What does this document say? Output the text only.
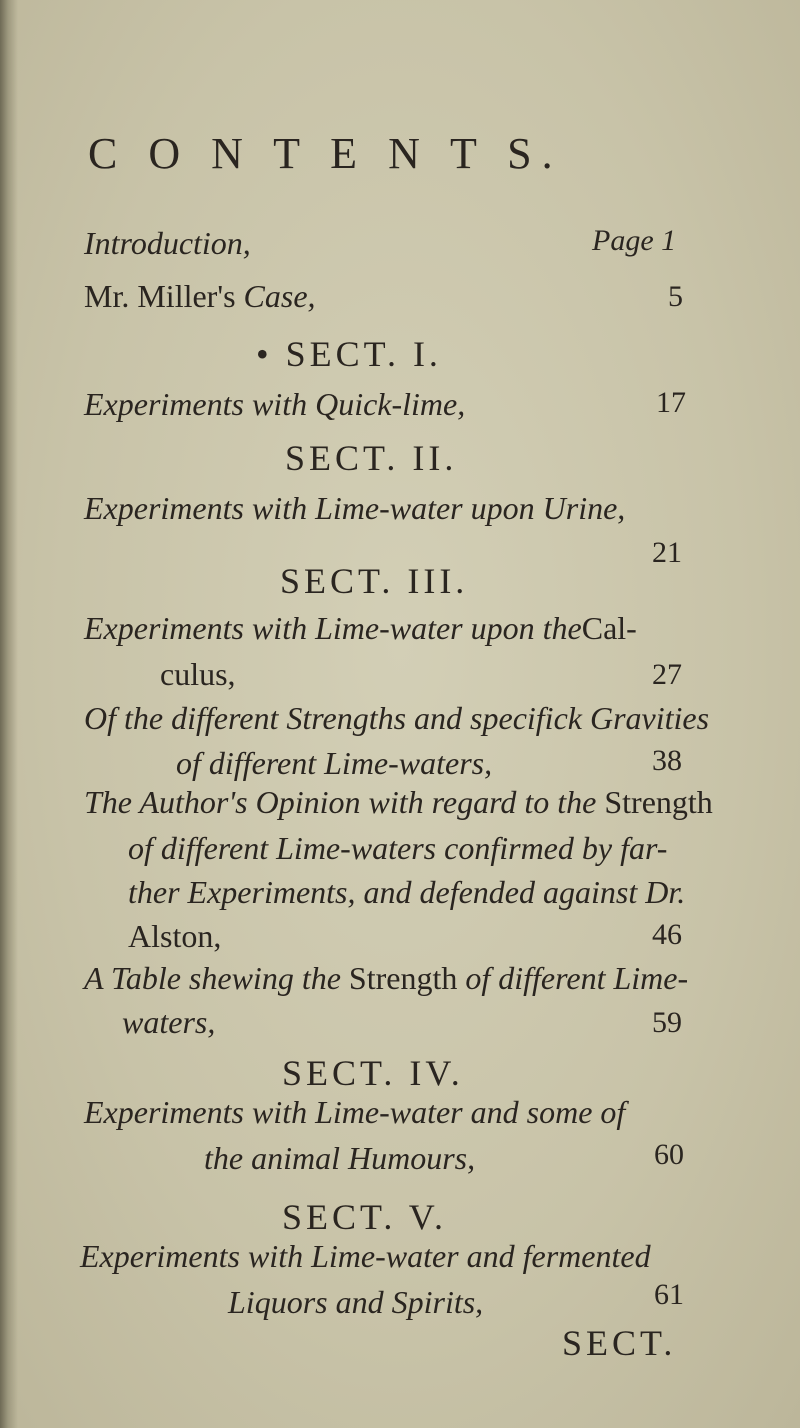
C O N T E N T S.
Introduction,	Page 1
Mr. Miller's Case,	5
• SECT. I.
Experiments with Quick-lime,	17
SECT. II.
Experiments with Lime-water upon Urine,
21
SECT. III.
Experiments with Lime-water upon theCal-
culus,	27
Of the different Strengths and specifick Gravities
of different Lime-waters,	38
The Author's Opinion with regard to the Strength
of different Lime-waters confirmed by far-
ther Experiments, and defended against Dr.
Alston,	46
A Table shewing the Strength of different Lime-
waters,	59
SECT. IV.
Experiments with Lime-water and some of
the animal Humours,	60
SECT. V.
Experiments with Lime-water and fermented
Liquors and Spirits,	61
SECT.
